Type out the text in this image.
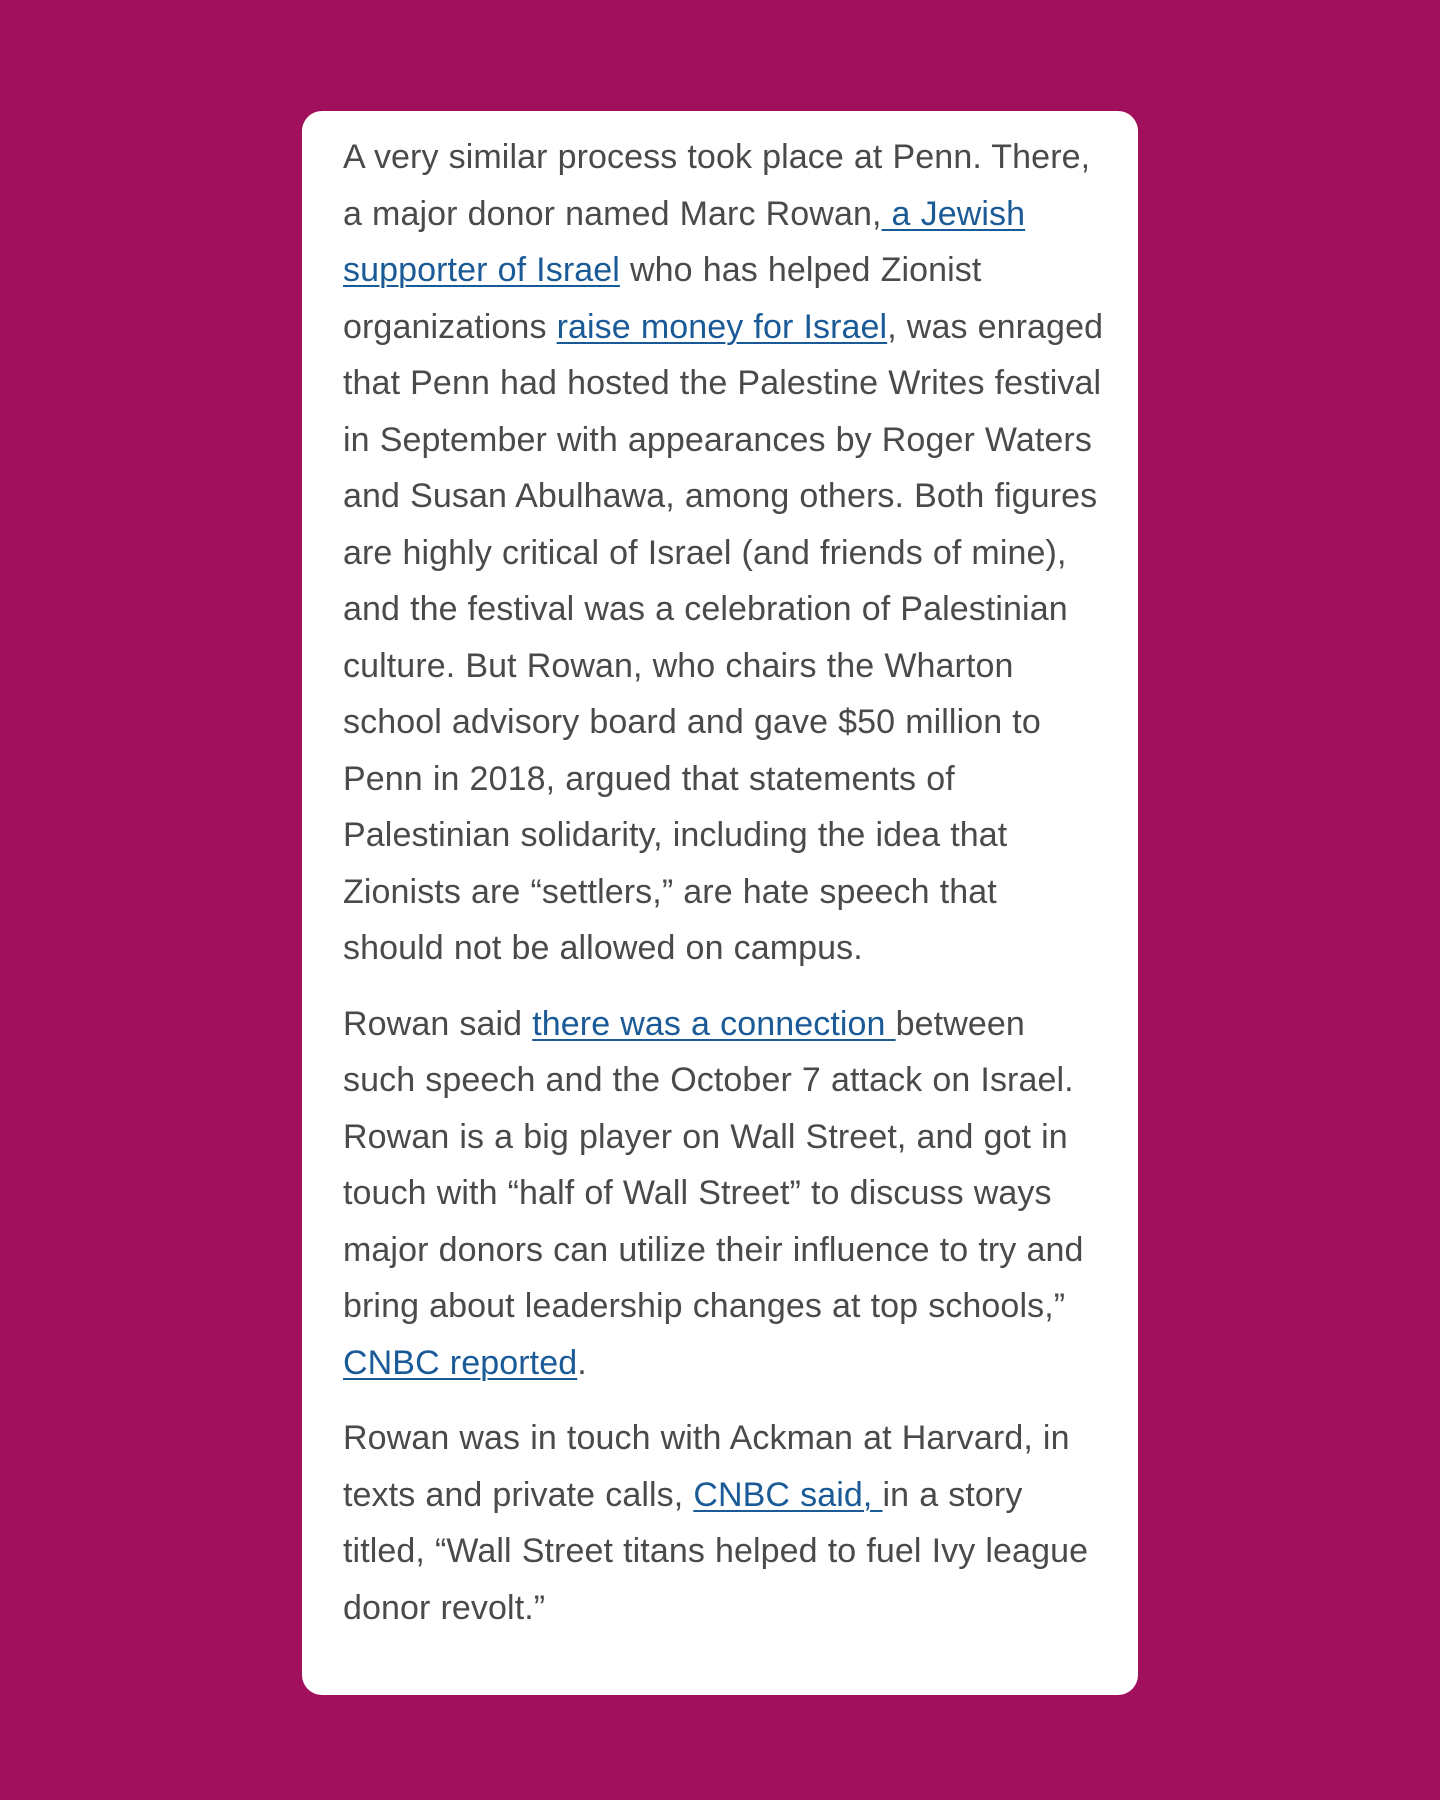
A very similar process took place at Penn. There, a major donor named Marc Rowan, a Jewish supporter of Israel who has helped Zionist organizations raise money for Israel, was enraged that Penn had hosted the Palestine Writes festival in September with appearances by Roger Waters and Susan Abulhawa, among others. Both figures are highly critical of Israel (and friends of mine), and the festival was a celebration of Palestinian culture. But Rowan, who chairs the Wharton school advisory board and gave $50 million to Penn in 2018, argued that statements of Palestinian solidarity, including the idea that Zionists are “settlers,” are hate speech that should not be allowed on campus.

Rowan said there was a connection between such speech and the October 7 attack on Israel. Rowan is a big player on Wall Street, and got in touch with “half of Wall Street” to discuss ways major donors can utilize their influence to try and bring about leadership changes at top schools,” CNBC reported.

Rowan was in touch with Ackman at Harvard, in texts and private calls, CNBC said, in a story titled, “Wall Street titans helped to fuel Ivy league donor revolt.”
